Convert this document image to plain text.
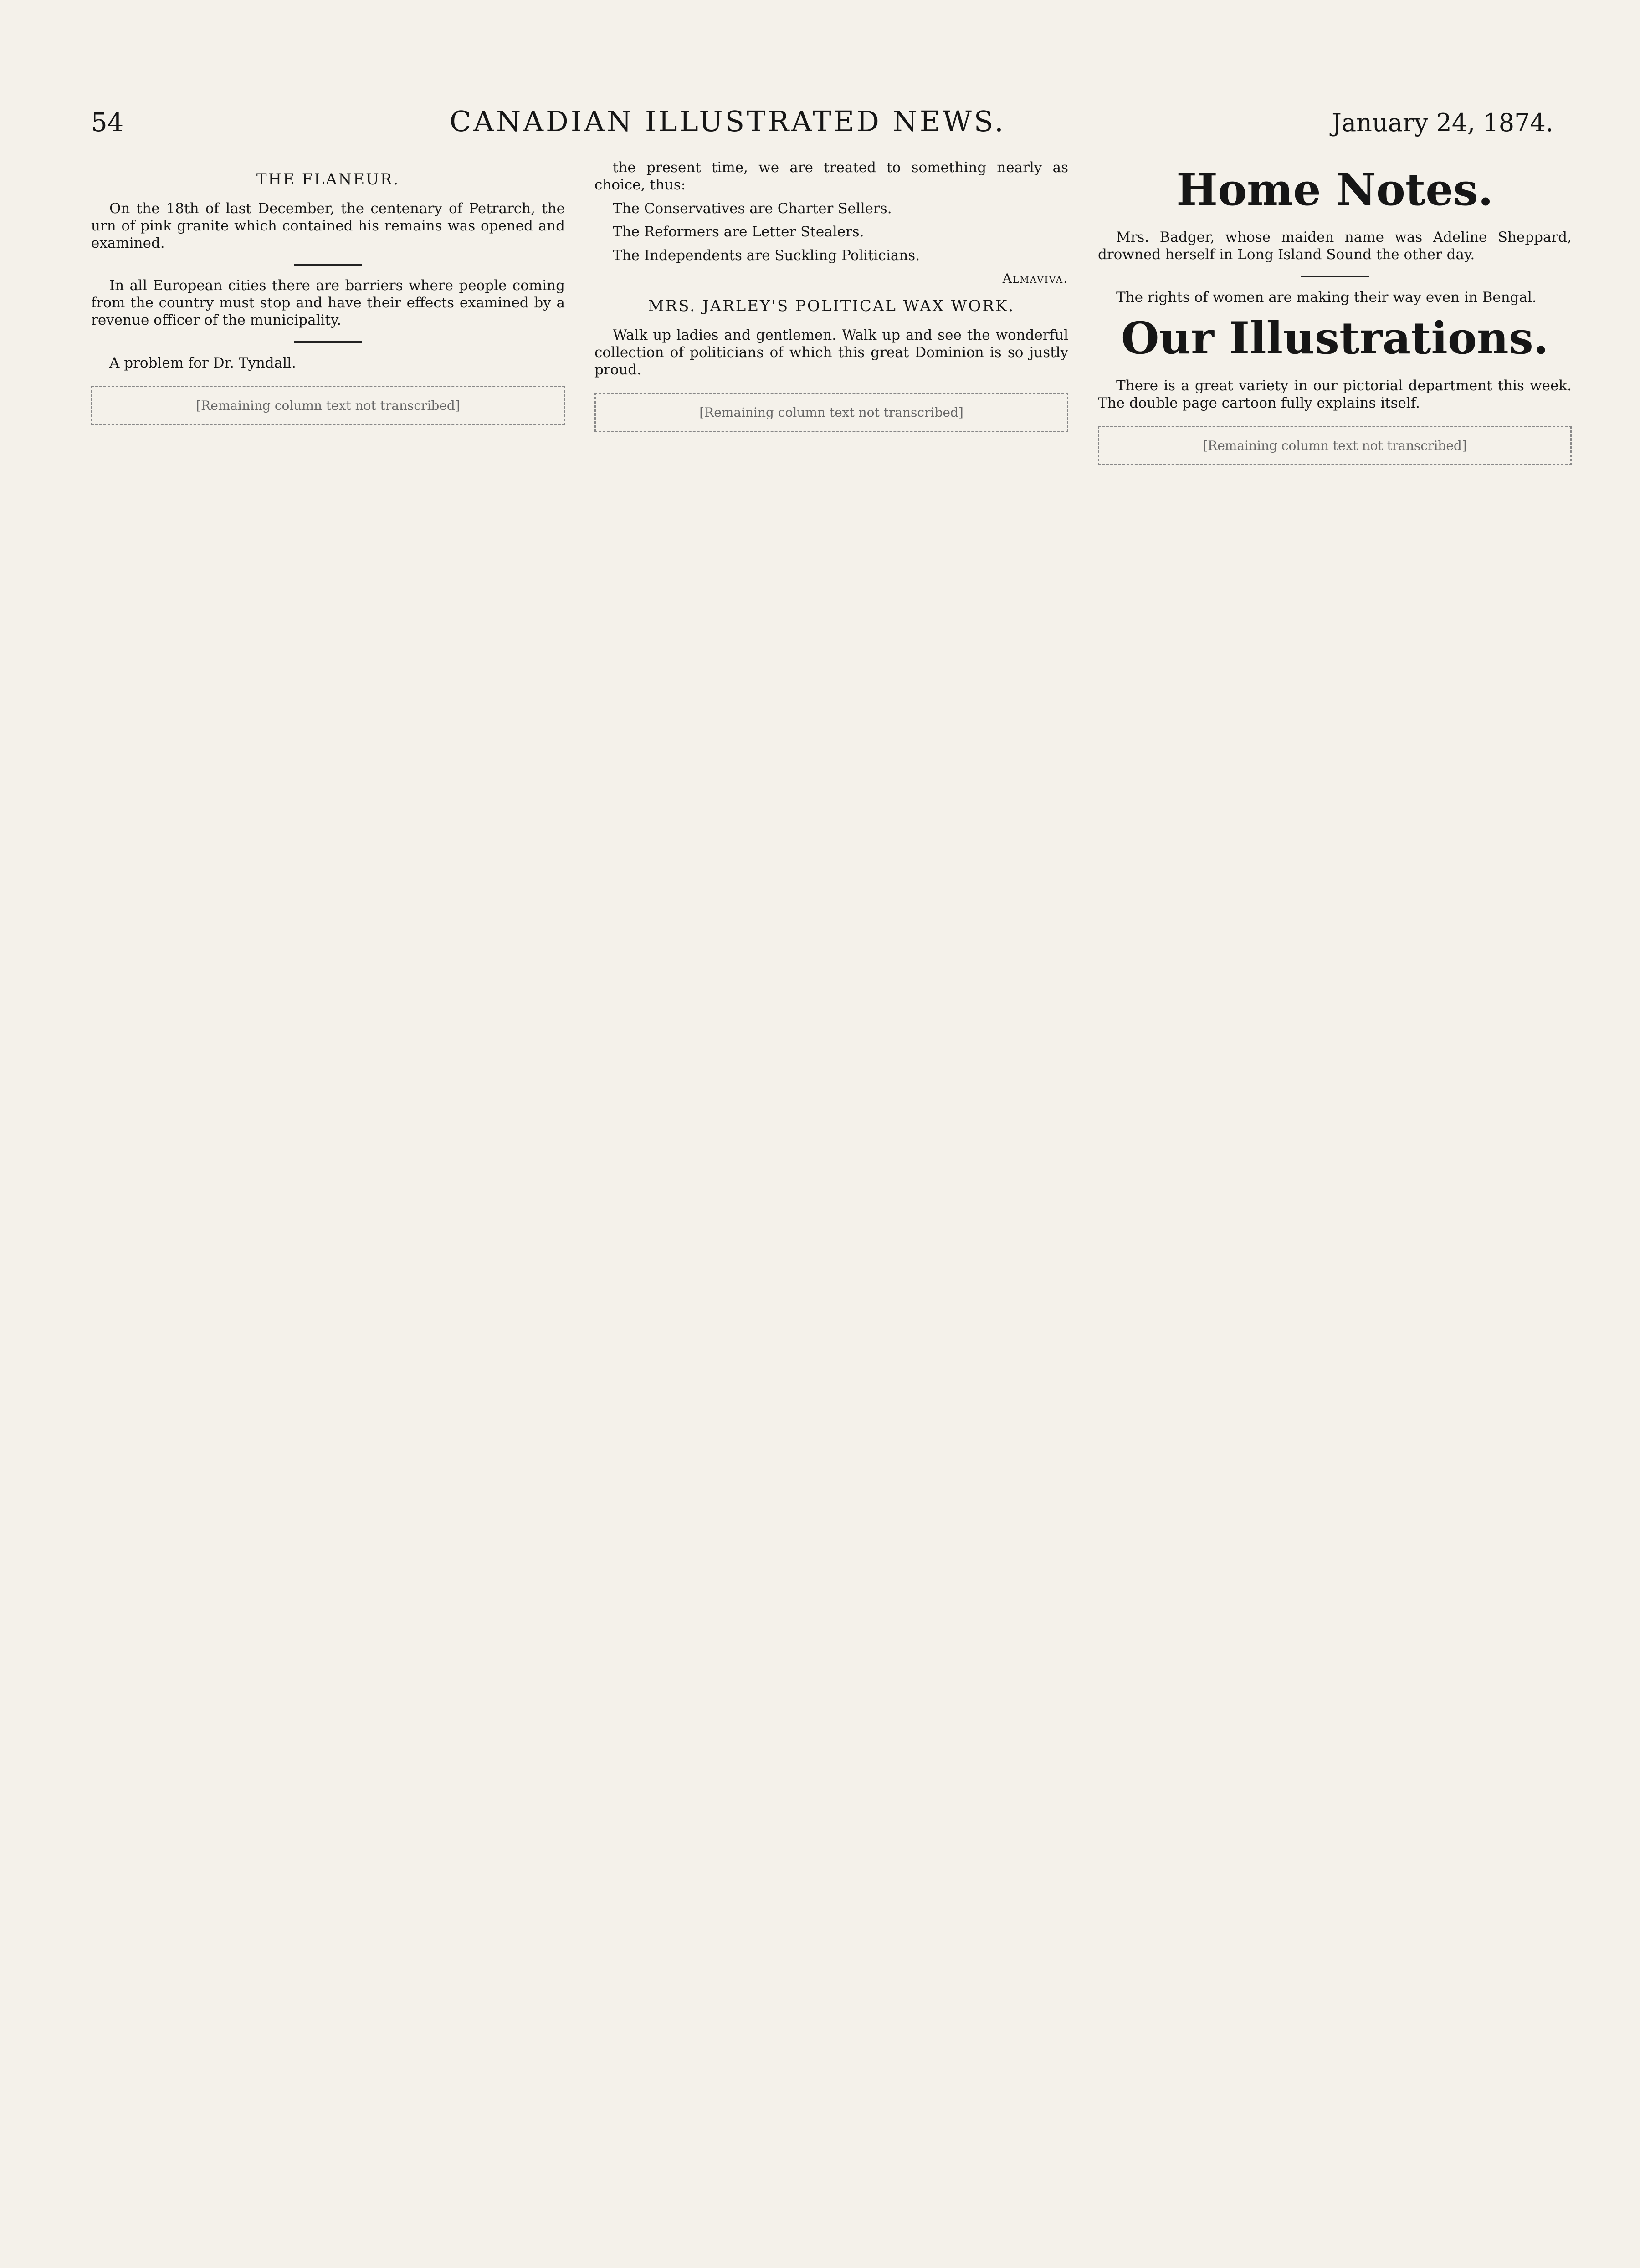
54	CANADIAN ILLUSTRATED NEWS.	January 24, 1874.
THE FLANEUR.

On the 18th of last December, the centenary of Petrarch, the urn of pink granite which contained his remains was opened and examined.

In all European cities there are barriers where people coming from the country must stop and have their effects examined by a revenue officer of the municipality.

A problem for Dr. Tyndall.

[Remaining column text not transcribed]

the present time, we are treated to something nearly as choice, thus:

The Conservatives are Charter Sellers.

The Reformers are Letter Stealers.

The Independents are Suckling Politicians.

Almaviva.
MRS. JARLEY'S POLITICAL WAX WORK.

Walk up ladies and gentlemen. Walk up and see the wonderful collection of politicians of which this great Dominion is so justly proud.

[Remaining column text not transcribed]
Home Notes.

Mrs. Badger, whose maiden name was Adeline Sheppard, drowned herself in Long Island Sound the other day.

The rights of women are making their way even in Bengal.

Our Illustrations.

There is a great variety in our pictorial department this week. The double page cartoon fully explains itself.

[Remaining column text not transcribed]
